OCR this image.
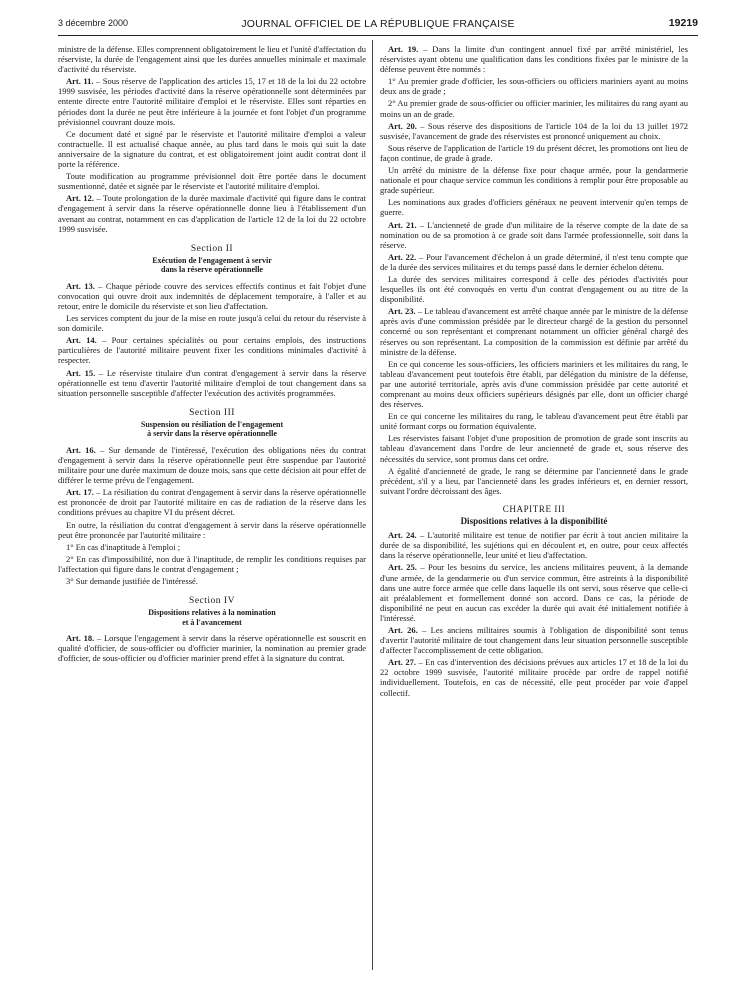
3 décembre 2000	JOURNAL OFFICIEL DE LA RÉPUBLIQUE FRANÇAISE	19219

ministre de la défense. Elles comprennent obligatoirement le lieu et l'unité d'affectation du réserviste, la durée de l'engagement ainsi que les durées annuelles minimale et maximale d'activité du réserviste.

Art. 11. – Sous réserve de l'application des articles 15, 17 et 18 de la loi du 22 octobre 1999 susvisée, les périodes d'activité dans la réserve opérationnelle sont déterminées par entente directe entre l'autorité militaire d'emploi et le réserviste. Elles sont réparties en périodes dont la durée ne peut être inférieure à la journée et font l'objet d'un programme prévisionnel couvrant douze mois.

Ce document daté et signé par le réserviste et l'autorité militaire d'emploi a valeur contractuelle. Il est actualisé chaque année, au plus tard dans le mois qui suit la date anniversaire de la signature du contrat, et est obligatoirement joint audit contrat dont il porte la référence.

Toute modification au programme prévisionnel doit être portée dans le document susmentionné, datée et signée par le réserviste et l'autorité militaire d'emploi.

Art. 12. – Toute prolongation de la durée maximale d'activité qui figure dans le contrat d'engagement à servir dans la réserve opérationnelle donne lieu à l'établissement d'un avenant au contrat, notamment en cas d'application de l'article 12 de la loi du 22 octobre 1999 susvisée.

Section II
Exécution de l'engagement à servir
dans la réserve opérationnelle

Art. 13. – Chaque période couvre des services effectifs continus et fait l'objet d'une convocation qui ouvre droit aux indemnités de déplacement temporaire, à l'aller et au retour, entre le domicile du réserviste et son lieu d'affectation.

Les services comptent du jour de la mise en route jusqu'à celui du retour du réserviste à son domicile.

Art. 14. – Pour certaines spécialités ou pour certains emplois, des instructions particulières de l'autorité militaire peuvent fixer les conditions minimales d'activité à respecter.

Art. 15. – Le réserviste titulaire d'un contrat d'engagement à servir dans la réserve opérationnelle est tenu d'avertir l'autorité militaire d'emploi de tout changement dans sa situation personnelle susceptible d'affecter l'exécution des activités programmées.

Section III
Suspension ou résiliation de l'engagement
à servir dans la réserve opérationnelle

Art. 16. – Sur demande de l'intéressé, l'exécution des obligations nées du contrat d'engagement à servir dans la réserve opérationnelle peut être suspendue par l'autorité militaire pour une durée maximum de douze mois, sans que cette décision ait pour effet de différer le terme prévu de l'engagement.

Art. 17. – La résiliation du contrat d'engagement à servir dans la réserve opérationnelle est prononcée de droit par l'autorité militaire en cas de radiation de la réserve dans les conditions prévues au chapitre VI du présent décret.

En outre, la résiliation du contrat d'engagement à servir dans la réserve opérationnelle peut être prononcée par l'autorité militaire :

1° En cas d'inaptitude à l'emploi ;

2° En cas d'impossibilité, non due à l'inaptitude, de remplir les conditions requises par l'affectation qui figure dans le contrat d'engagement ;

3° Sur demande justifiée de l'intéressé.

Section IV
Dispositions relatives à la nomination
et à l'avancement

Art. 18. – Lorsque l'engagement à servir dans la réserve opérationnelle est souscrit en qualité d'officier, de sous-officier ou d'officier marinier, la nomination au premier grade d'officier, de sous-officier ou d'officier marinier prend effet à la signature du contrat.

Art. 19. – Dans la limite d'un contingent annuel fixé par arrêté ministériel, les réservistes ayant obtenu une qualification dans les conditions fixées par le ministre de la défense peuvent être nommés :

1° Au premier grade d'officier, les sous-officiers ou officiers mariniers ayant au moins deux ans de grade ;

2° Au premier grade de sous-officier ou officier marinier, les militaires du rang ayant au moins un an de grade.

Art. 20. – Sous réserve des dispositions de l'article 104 de la loi du 13 juillet 1972 susvisée, l'avancement de grade des réservistes est prononcé uniquement au choix.

Sous réserve de l'application de l'article 19 du présent décret, les promotions ont lieu de façon continue, de grade à grade.

Un arrêté du ministre de la défense fixe pour chaque armée, pour la gendarmerie nationale et pour chaque service commun les conditions à remplir pour être proposable au grade supérieur.

Les nominations aux grades d'officiers généraux ne peuvent intervenir qu'en temps de guerre.

Art. 21. – L'ancienneté de grade d'un militaire de la réserve compte de la date de sa nomination ou de sa promotion à ce grade soit dans l'armée professionnelle, soit dans la réserve.

Art. 22. – Pour l'avancement d'échelon à un grade déterminé, il n'est tenu compte que de la durée des services militaires et du temps passé dans le dernier échelon détenu.

La durée des services militaires correspond à celle des périodes d'activités pour lesquelles ils ont été convoqués en vertu d'un contrat d'engagement ou au titre de la disponibilité.

Art. 23. – Le tableau d'avancement est arrêté chaque année par le ministre de la défense après avis d'une commission présidée par le directeur chargé de la gestion du personnel concerné ou son représentant et comprenant notamment un officier général chargé des réserves ou son représentant. La composition de la commission est définie par arrêté du ministre de la défense.

En ce qui concerne les sous-officiers, les officiers mariniers et les militaires du rang, le tableau d'avancement peut toutefois être établi, par délégation du ministre de la défense, par une autorité territoriale, après avis d'une commission présidée par cette autorité et comprenant au moins deux officiers supérieurs désignés par elle, dont un officier chargé des réserves.

En ce qui concerne les militaires du rang, le tableau d'avancement peut être établi par unité formant corps ou formation équivalente.

Les réservistes faisant l'objet d'une proposition de promotion de grade sont inscrits au tableau d'avancement dans l'ordre de leur ancienneté de grade et, sous réserve des nécessités du service, sont promus dans cet ordre.

A égalité d'ancienneté de grade, le rang se détermine par l'ancienneté dans le grade précédent, s'il y a lieu, par l'ancienneté dans les grades inférieurs et, en dernier ressort, suivant l'ordre décroissant des âges.

CHAPITRE III
Dispositions relatives à la disponibilité

Art. 24. – L'autorité militaire est tenue de notifier par écrit à tout ancien militaire la durée de sa disponibilité, les sujétions qui en découlent et, en outre, pour ceux affectés dans la réserve opérationnelle, leur unité et lieu d'affectation.

Art. 25. – Pour les besoins du service, les anciens militaires peuvent, à la demande d'une armée, de la gendarmerie ou d'un service commun, être astreints à la disponibilité dans une autre force armée que celle dans laquelle ils ont servi, sous réserve que celle-ci ait préalablement et formellement donné son accord. Dans ce cas, la période de disponibilité ne peut en aucun cas excéder la durée qui avait été initialement notifiée à l'intéressé.

Art. 26. – Les anciens militaires soumis à l'obligation de disponibilité sont tenus d'avertir l'autorité militaire de tout changement dans leur situation personnelle susceptible d'affecter l'accomplissement de cette obligation.

Art. 27. – En cas d'intervention des décisions prévues aux articles 17 et 18 de la loi du 22 octobre 1999 susvisée, l'autorité militaire procède par ordre de rappel notifié individuellement. Toutefois, en cas de nécessité, elle peut procéder par voie d'appel collectif.
